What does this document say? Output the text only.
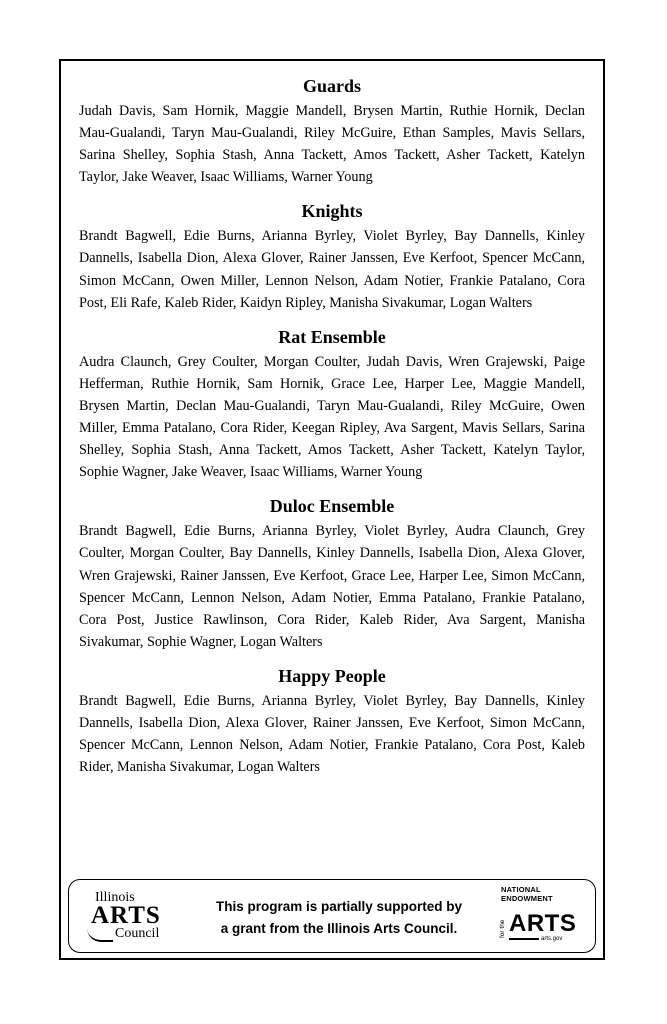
Guards

Judah Davis, Sam Hornik, Maggie Mandell, Brysen Martin, Ruthie Hornik, Declan Mau-Gualandi, Taryn Mau-Gualandi, Riley McGuire, Ethan Samples, Mavis Sellars, Sarina Shelley, Sophia Stash, Anna Tackett, Amos Tackett, Asher Tackett, Katelyn Taylor, Jake Weaver, Isaac Williams, Warner Young

Knights

Brandt Bagwell, Edie Burns, Arianna Byrley, Violet Byrley, Bay Dannells, Kinley Dannells, Isabella Dion, Alexa Glover, Rainer Janssen, Eve Kerfoot, Spencer McCann, Simon McCann, Owen Miller, Lennon Nelson, Adam Notier, Frankie Patalano, Cora Post, Eli Rafe, Kaleb Rider, Kaidyn Ripley, Manisha Sivakumar, Logan Walters

Rat Ensemble

Audra Claunch, Grey Coulter, Morgan Coulter, Judah Davis, Wren Grajewski, Paige Hefferman, Ruthie Hornik, Sam Hornik, Grace Lee, Harper Lee, Maggie Mandell, Brysen Martin, Declan Mau-Gualandi, Taryn Mau-Gualandi, Riley McGuire, Owen Miller, Emma Patalano, Cora Rider, Keegan Ripley, Ava Sargent, Mavis Sellars, Sarina Shelley, Sophia Stash, Anna Tackett, Amos Tackett, Asher Tackett, Katelyn Taylor, Sophie Wagner, Jake Weaver, Isaac Williams, Warner Young

Duloc Ensemble

Brandt Bagwell, Edie Burns, Arianna Byrley, Violet Byrley, Audra Claunch, Grey Coulter, Morgan Coulter, Bay Dannells, Kinley Dannells, Isabella Dion, Alexa Glover, Wren Grajewski, Rainer Janssen, Eve Kerfoot, Grace Lee, Harper Lee, Simon McCann, Spencer McCann, Lennon Nelson, Adam Notier, Emma Patalano, Frankie Patalano, Cora Post, Justice Rawlinson, Cora Rider, Kaleb Rider, Ava Sargent, Manisha Sivakumar, Sophie Wagner, Logan Walters

Happy People

Brandt Bagwell, Edie Burns, Arianna Byrley, Violet Byrley, Bay Dannells, Kinley Dannells, Isabella Dion, Alexa Glover, Rainer Janssen, Eve Kerfoot, Simon McCann, Spencer McCann, Lennon Nelson, Adam Notier, Frankie Patalano, Cora Post, Kaleb Rider, Manisha Sivakumar, Logan Walters

Illinois
ARTS
Council
This program is partially supported by
a grant from the Illinois Arts Council.
NATIONAL
ENDOWMENT
for the ARTS
arts.gov
